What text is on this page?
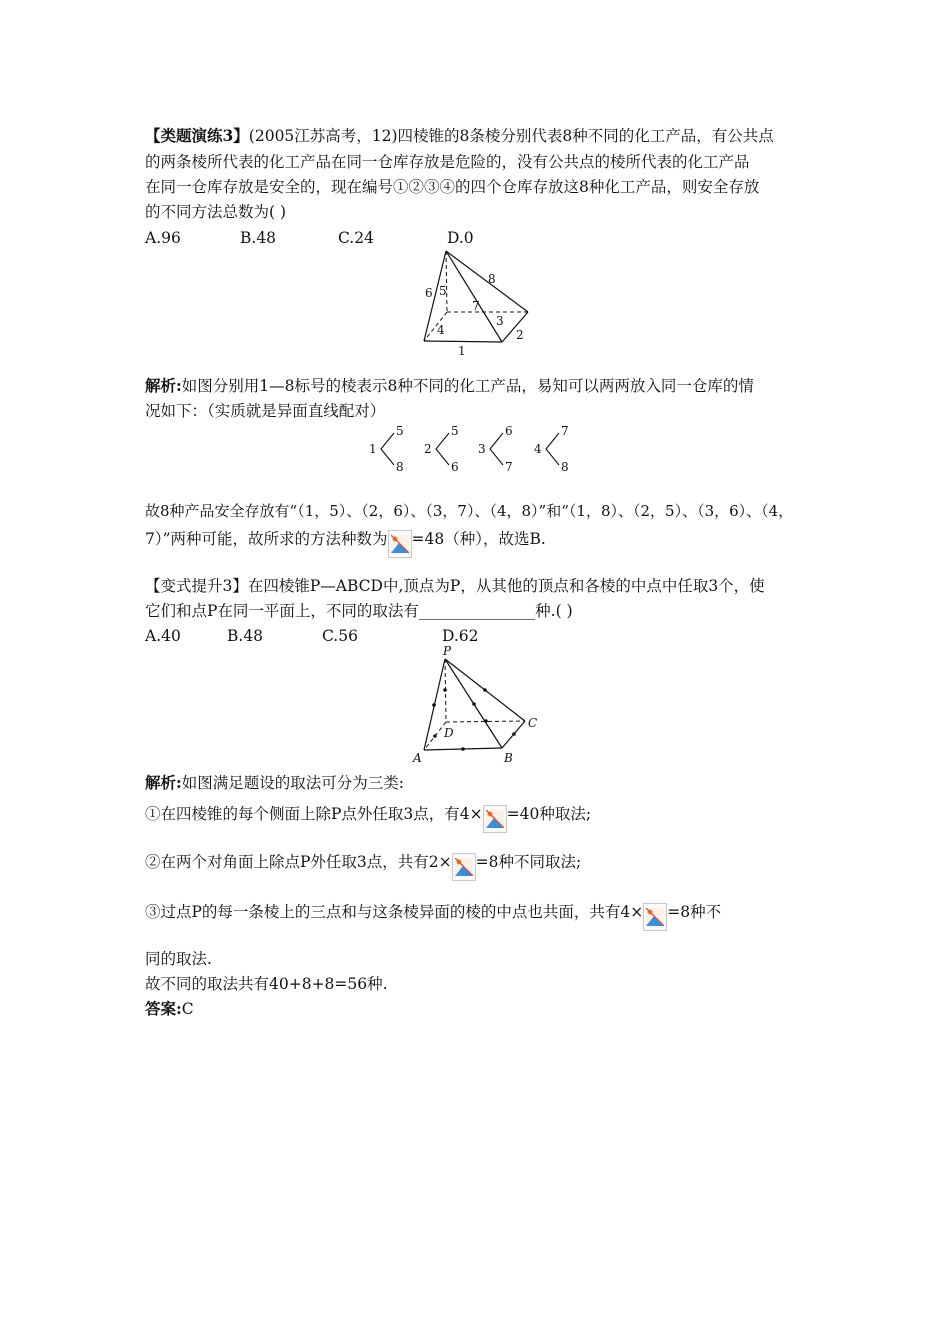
【类题演练3】(2005江苏高考，12)四棱锥的8条棱分别代表8种不同的化工产品，有公共点
的两条棱所代表的化工产品在同一仓库存放是危险的，没有公共点的棱所代表的化工产品
在同一仓库存放是安全的，现在编号①②③④的四个仓库存放这8种化工产品，则安全存放
的不同方法总数为( )
A.96	B.48	C.24	D.0
6 5
7
8
3
4	2
1
解析:如图分别用1—8标号的棱表示8种不同的化工产品，易知可以两两放入同一仓库的情
况如下：（实质就是异面直线配对）
1
5
8
2
5
6
3
6
7
4
7
8
故8种产品安全存放有“（1，5）、（2，6）、（3，7）、（4，8）”和“（1，8）、（2，5）、（3，6）、（4，
7）”两种可能，故所求的方法种数为 =48（种），故选B.
【变式提升3】在四棱锥P—ABCD中,顶点为P，从其他的顶点和各棱的中点中任取3个，使
它们和点P在同一平面上，不同的取法有_______________种.( )
A.40	B.48	C.56	D.62
P
A	B
C
D
解析:如图满足题设的取法可分为三类:
①在四棱锥的每个侧面上除P点外任取3点，有4× =40种取法;
②在两个对角面上除点P外任取3点，共有2× =8种不同取法;
③过点P的每一条棱上的三点和与这条棱异面的棱的中点也共面，共有4× =8种不
同的取法.
故不同的取法共有40+8+8=56种.
答案:C
